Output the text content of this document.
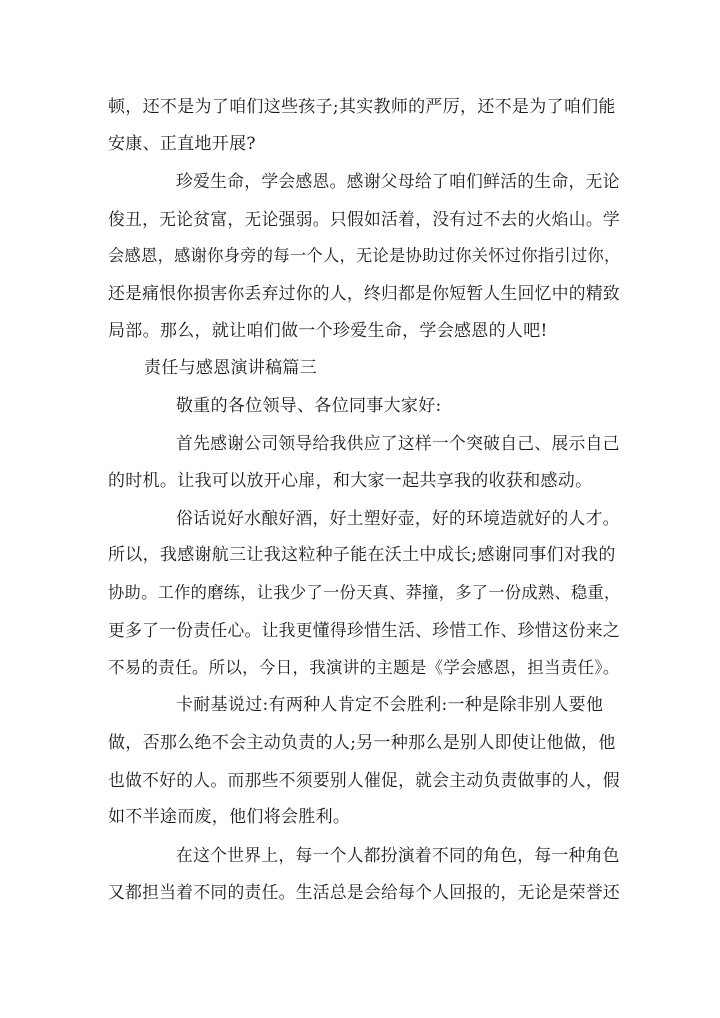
顿，还不是为了咱们这些孩子;其实教师的严厉，还不是为了咱们能
安康、正直地开展?
珍爱生命，学会感恩。感谢父母给了咱们鲜活的生命，无论
俊丑，无论贫富，无论强弱。只假如活着，没有过不去的火焰山。学
会感恩，感谢你身旁的每一个人，无论是协助过你关怀过你指引过你，
还是痛恨你损害你丢弃过你的人，终归都是你短暂人生回忆中的精致
局部。那么，就让咱们做一个珍爱生命，学会感恩的人吧!
责任与感恩演讲稿篇三
敬重的各位领导、各位同事大家好:
首先感谢公司领导给我供应了这样一个突破自己、展示自己
的时机。让我可以放开心扉，和大家一起共享我的收获和感动。
俗话说好水酿好酒，好土塑好壶，好的环境造就好的人才。
所以，我感谢航三让我这粒种子能在沃土中成长;感谢同事们对我的
协助。工作的磨练，让我少了一份天真、莽撞，多了一份成熟、稳重，
更多了一份责任心。让我更懂得珍惜生活、珍惜工作、珍惜这份来之
不易的责任。所以，今日，我演讲的主题是《学会感恩，担当责任》。
卡耐基说过:有两种人肯定不会胜利:一种是除非别人要他
做，否那么绝不会主动负责的人;另一种那么是别人即使让他做，他
也做不好的人。而那些不须要别人催促，就会主动负责做事的人，假
如不半途而废，他们将会胜利。
在这个世界上，每一个人都扮演着不同的角色，每一种角色
又都担当着不同的责任。生活总是会给每个人回报的，无论是荣誉还
